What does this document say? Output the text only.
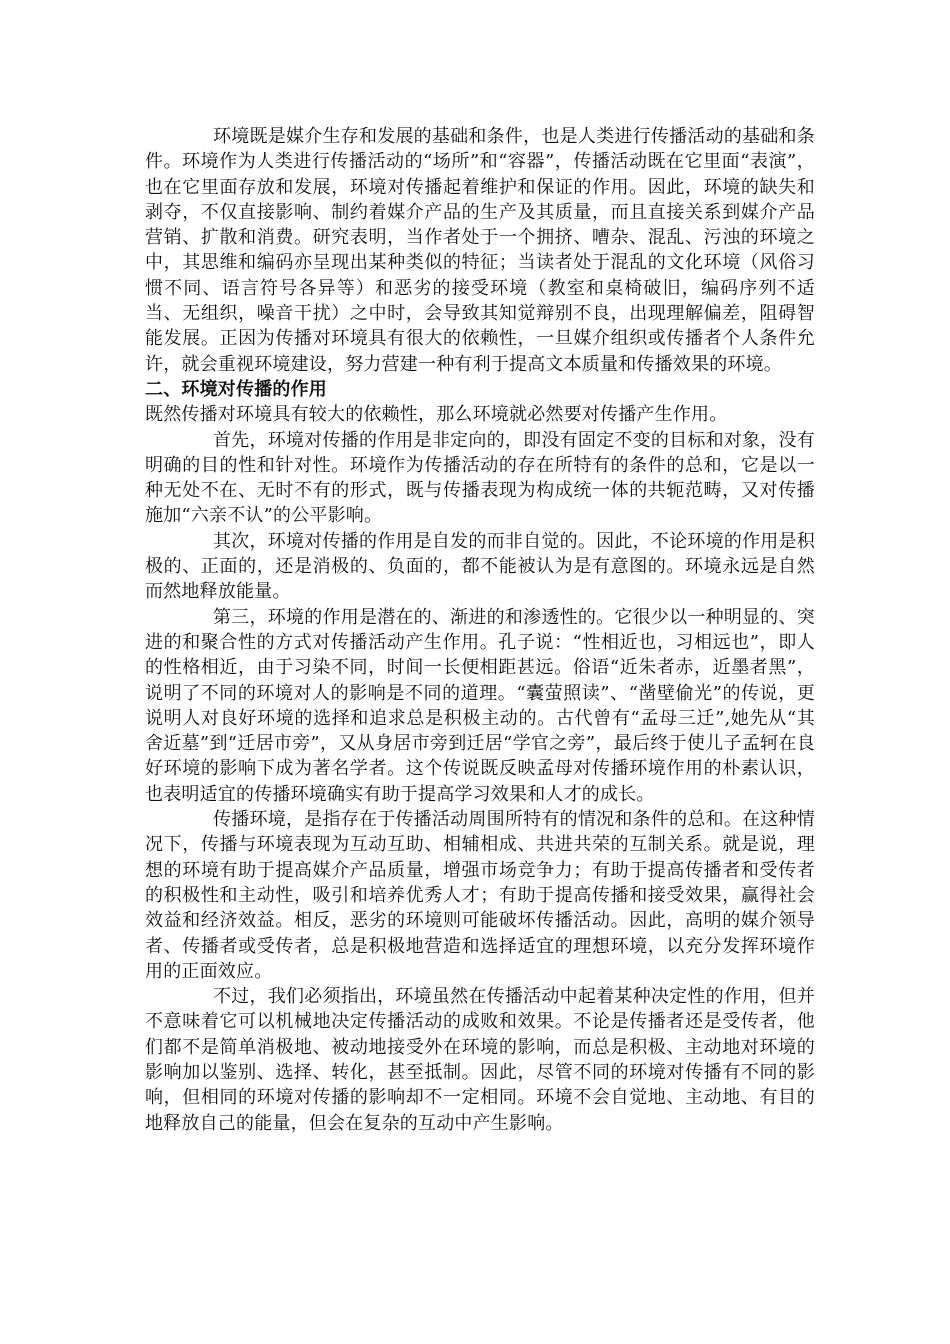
环境既是媒介生存和发展的基础和条件，也是人类进行传播活动的基础和条件。环境作为人类进行传播活动的“场所”和“容器”，传播活动既在它里面“表演”，也在它里面存放和发展，环境对传播起着维护和保证的作用。因此，环境的缺失和剥夺，不仅直接影响、制约着媒介产品的生产及其质量，而且直接关系到媒介产品营销、扩散和消费。研究表明，当作者处于一个拥挤、嘈杂、混乱、污浊的环境之中，其思维和编码亦呈现出某种类似的特征；当读者处于混乱的文化环境（风俗习惯不同、语言符号各异等）和恶劣的接受环境（教室和桌椅破旧，编码序列不适当、无组织，噪音干扰）之中时，会导致其知觉辩别不良，出现理解偏差，阻碍智能发展。正因为传播对环境具有很大的依赖性，一旦媒介组织或传播者个人条件允许，就会重视环境建设，努力营建一种有利于提高文本质量和传播效果的环境。

二、环境对传播的作用

既然传播对环境具有较大的依赖性，那么环境就必然要对传播产生作用。

首先，环境对传播的作用是非定向的，即没有固定不变的目标和对象，没有明确的目的性和针对性。环境作为传播活动的存在所特有的条件的总和，它是以一种无处不在、无时不有的形式，既与传播表现为构成统一体的共轭范畴，又对传播施加“六亲不认”的公平影响。

其次，环境对传播的作用是自发的而非自觉的。因此，不论环境的作用是积极的、正面的，还是消极的、负面的，都不能被认为是有意图的。环境永远是自然而然地释放能量。

第三，环境的作用是潜在的、渐进的和渗透性的。它很少以一种明显的、突进的和聚合性的方式对传播活动产生作用。孔子说：“性相近也，习相远也”，即人的性格相近，由于习染不同，时间一长便相距甚远。俗语“近朱者赤，近墨者黑”，说明了不同的环境对人的影响是不同的道理。“囊萤照读”、“凿壁偷光”的传说，更说明人对良好环境的选择和追求总是积极主动的。古代曾有“孟母三迁”,她先从“其舍近墓”到“迁居市旁”，又从身居市旁到迁居“学官之旁”，最后终于使儿子孟轲在良好环境的影响下成为著名学者。这个传说既反映孟母对传播环境作用的朴素认识，也表明适宜的传播环境确实有助于提高学习效果和人才的成长。

传播环境，是指存在于传播活动周围所特有的情况和条件的总和。在这种情况下，传播与环境表现为互动互助、相辅相成、共进共荣的互制关系。就是说，理想的环境有助于提高媒介产品质量，增强市场竞争力；有助于提高传播者和受传者的积极性和主动性，吸引和培养优秀人才；有助于提高传播和接受效果，赢得社会效益和经济效益。相反，恶劣的环境则可能破坏传播活动。因此，高明的媒介领导者、传播者或受传者，总是积极地营造和选择适宜的理想环境，以充分发挥环境作用的正面效应。

不过，我们必须指出，环境虽然在传播活动中起着某种决定性的作用，但并不意味着它可以机械地决定传播活动的成败和效果。不论是传播者还是受传者，他们都不是简单消极地、被动地接受外在环境的影响，而总是积极、主动地对环境的影响加以鉴别、选择、转化，甚至抵制。因此，尽管不同的环境对传播有不同的影响，但相同的环境对传播的影响却不一定相同。环境不会自觉地、主动地、有目的地释放自己的能量，但会在复杂的互动中产生影响。
